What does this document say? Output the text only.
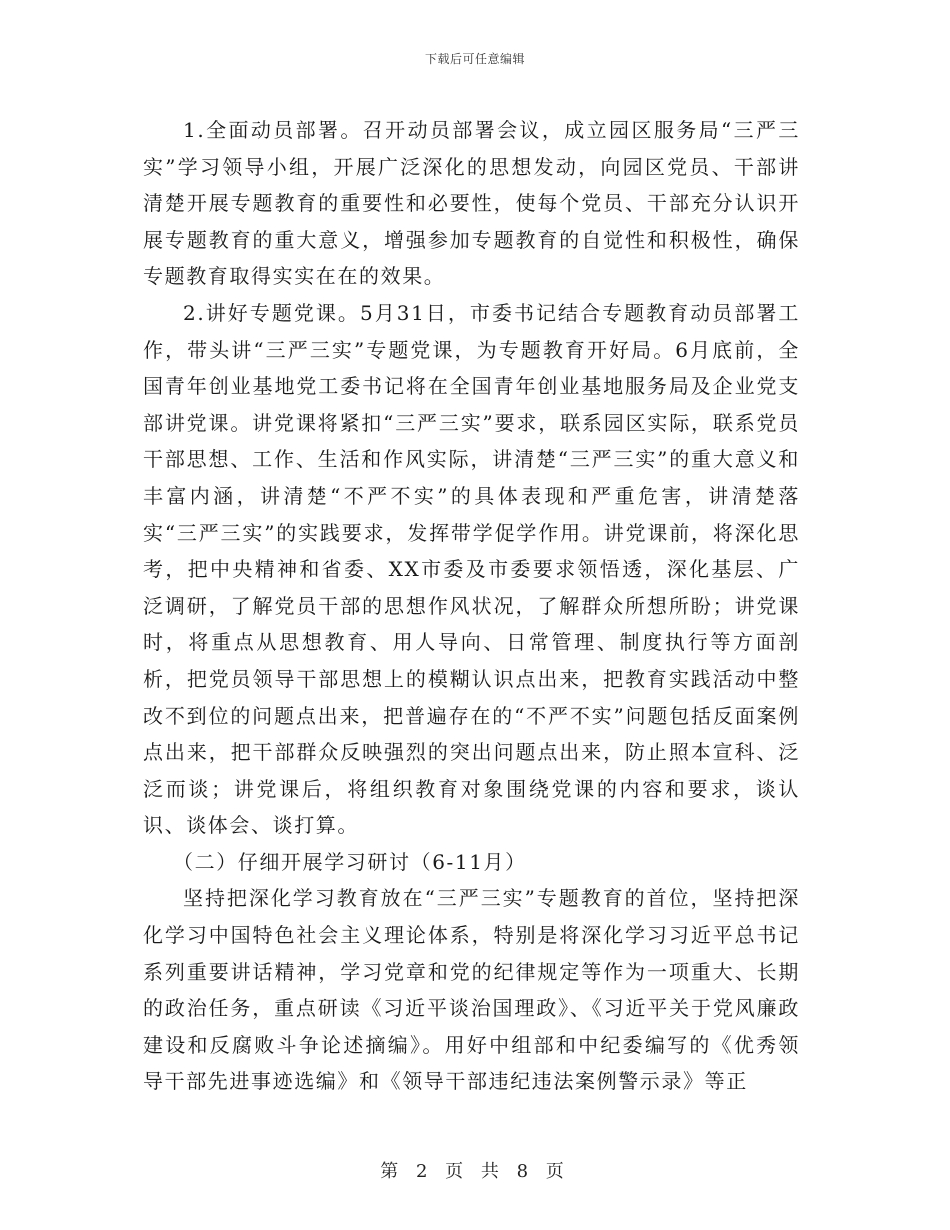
下载后可任意编辑

1.全面动员部署。召开动员部署会议，成立园区服务局“三严三实”学习领导小组，开展广泛深化的思想发动，向园区党员、干部讲清楚开展专题教育的重要性和必要性，使每个党员、干部充分认识开展专题教育的重大意义，增强参加专题教育的自觉性和积极性，确保专题教育取得实实在在的效果。

2.讲好专题党课。5月31日，市委书记结合专题教育动员部署工作，带头讲“三严三实”专题党课，为专题教育开好局。6月底前，全国青年创业基地党工委书记将在全国青年创业基地服务局及企业党支部讲党课。讲党课将紧扣“三严三实”要求，联系园区实际，联系党员干部思想、工作、生活和作风实际，讲清楚“三严三实”的重大意义和丰富内涵，讲清楚“不严不实”的具体表现和严重危害，讲清楚落实“三严三实”的实践要求，发挥带学促学作用。讲党课前，将深化思考，把中央精神和省委、XX市委及市委要求领悟透，深化基层、广泛调研，了解党员干部的思想作风状况，了解群众所想所盼；讲党课时，将重点从思想教育、用人导向、日常管理、制度执行等方面剖析，把党员领导干部思想上的模糊认识点出来，把教育实践活动中整改不到位的问题点出来，把普遍存在的“不严不实”问题包括反面案例点出来，把干部群众反映强烈的突出问题点出来，防止照本宣科、泛泛而谈；讲党课后，将组织教育对象围绕党课的内容和要求，谈认识、谈体会、谈打算。

（二）仔细开展学习研讨（6-11月）

坚持把深化学习教育放在“三严三实”专题教育的首位，坚持把深化学习中国特色社会主义理论体系，特别是将深化学习习近平总书记系列重要讲话精神，学习党章和党的纪律规定等作为一项重大、长期的政治任务，重点研读《习近平谈治国理政》、《习近平关于党风廉政建设和反腐败斗争论述摘编》。用好中组部和中纪委编写的《优秀领导干部先进事迹选编》和《领导干部违纪违法案例警示录》等正

第 2 页 共 8 页
